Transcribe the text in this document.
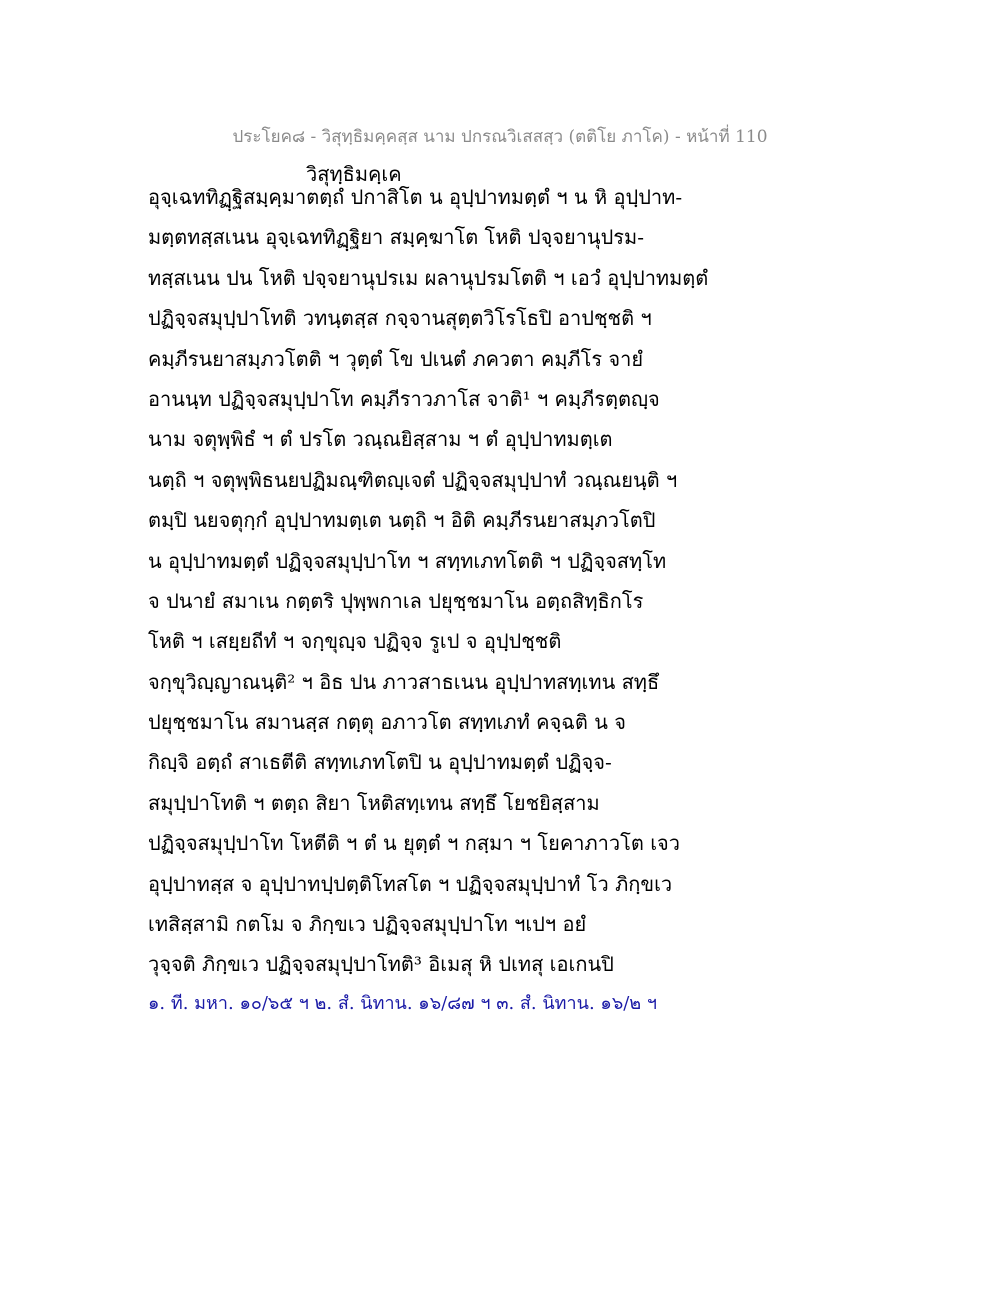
ประโยค๘ - วิสุทฺธิมคฺคสฺส นาม ปกรณวิเสสสฺว (ตติโย ภาโค) - หน้าที่ 110
วิสุทฺธิมคฺเค
อุจฺเฉททิฏฺฐิสมฺคฺมาตตฺถํ ปกาสิโต น อุปฺปาทมตฺตํ ฯ น หิ อุปฺปาท-
มตฺตทสฺสเนน อุจฺเฉททิฏฺฐิยา สมฺคฺฆาโต โหติ ปจฺจยานุปรม-
ทสฺสเนน ปน โหติ ปจฺจยานุปรเม ผลานุปรมโตติ ฯ เอวํ อุปฺปาทมตฺตํ
ปฏิจฺจสมุปฺปาโทติ วทนฺตสฺส กจฺจานสุตฺตวิโรโธปิ อาปชฺชติ ฯ
คมฺภีรนยาสมฺภวโตติ ฯ วุตฺตํ โข ปเนตํ ภควตา คมฺภีโร จายํ
อานนฺท ปฏิจฺจสมุปฺปาโท คมฺภีราวภาโส จาติ¹ ฯ คมฺภีรตฺตญฺจ
นาม จตุพฺพิธํ ฯ ตํ ปรโต วณฺณยิสฺสาม ฯ ตํ อุปฺปาทมตฺเต
นตฺถิ ฯ จตุพฺพิธนยปฏิมณฺฑิตญฺเจตํ ปฏิจฺจสมุปฺปาทํ วณฺณยนฺติ ฯ
ตมฺปิ นยจตุกฺกํ อุปฺปาทมตฺเต นตฺถิ ฯ อิติ คมฺภีรนยาสมฺภวโตปิ
น อุปฺปาทมตฺตํ ปฏิจฺจสมุปฺปาโท ฯ สทฺทเภทโตติ ฯ ปฏิจฺจสทฺโท
จ ปนายํ สมาเน กตฺตริ ปุพฺพกาเล ปยุชฺชมาโน อตฺถสิทฺธิกโร
โหติ ฯ เสยฺยถีทํ ฯ จกฺขุญฺจ ปฏิจฺจ รูเป จ อุปฺปชฺชติ
จกฺขุวิญฺญาณนฺติ² ฯ อิธ ปน ภาวสาธเนน อุปฺปาทสทฺเทน สทฺธึ
ปยุชฺชมาโน สมานสฺส กตฺตุ อภาวโต สทฺทเภทํ คจฺฉติ น จ
กิญฺจิ อตฺถํ สาเธตีติ สทฺทเภทโตปิ น อุปฺปาทมตฺตํ ปฏิจฺจ-
สมุปฺปาโทติ ฯ ตตฺถ สิยา โหติสทฺเทน สทฺธึ โยชยิสฺสาม
ปฏิจฺจสมุปฺปาโท โหตีติ ฯ ตํ น ยุตฺตํ ฯ กสฺมา ฯ โยคาภาวโต เจว
อุปฺปาทสฺส จ อุปฺปาทปฺปตฺติโทสโต ฯ ปฏิจฺจสมุปฺปาทํ โว ภิกฺขเว
เทสิสฺสามิ กตโม จ ภิกฺขเว ปฏิจฺจสมุปฺปาโท ฯเปฯ อยํ
วุจฺจติ ภิกฺขเว ปฏิจฺจสมุปฺปาโทติ³ อิเมสุ หิ ปเทสุ เอเกนปิ
๑. ที. มหา. ๑๐/๖๕ ฯ ๒. สํ. นิทาน. ๑๖/๘๗ ฯ ๓. สํ. นิทาน. ๑๖/๒ ฯ
